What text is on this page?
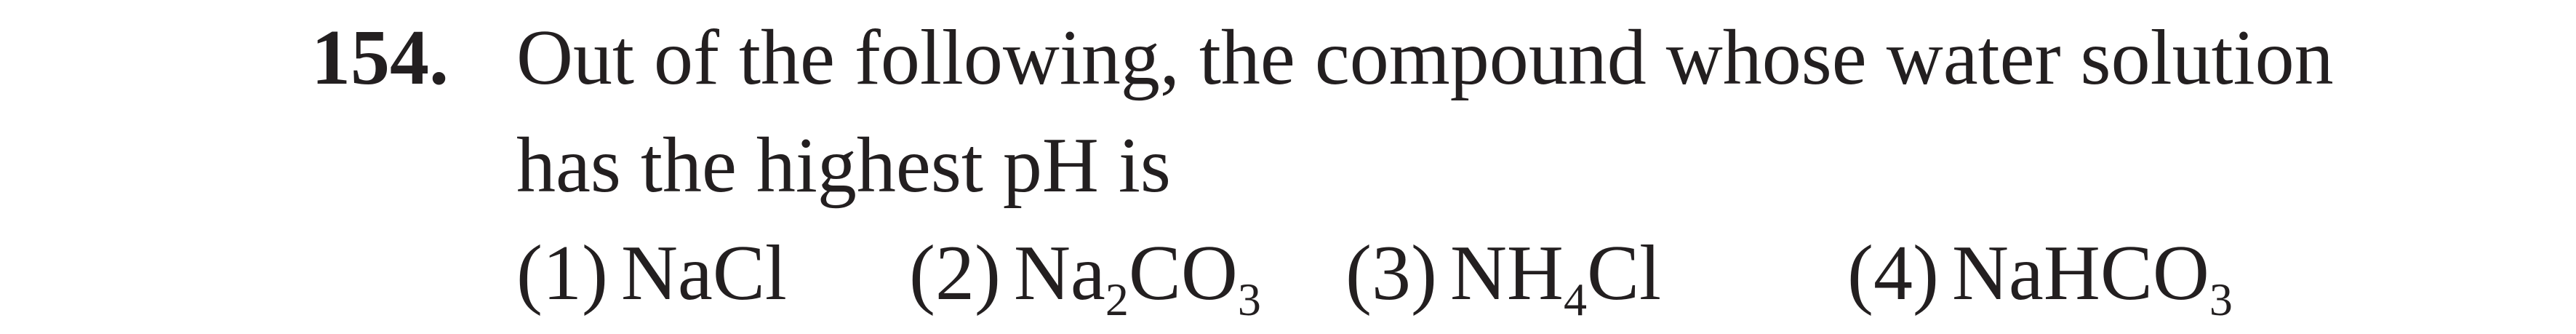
154. Out of the following, the compound whose water solution
has the highest pH is
(1) NaCl (2) $Na_2CO_3$ (3) $NH_4Cl$ (4) NaHCO$_3$
